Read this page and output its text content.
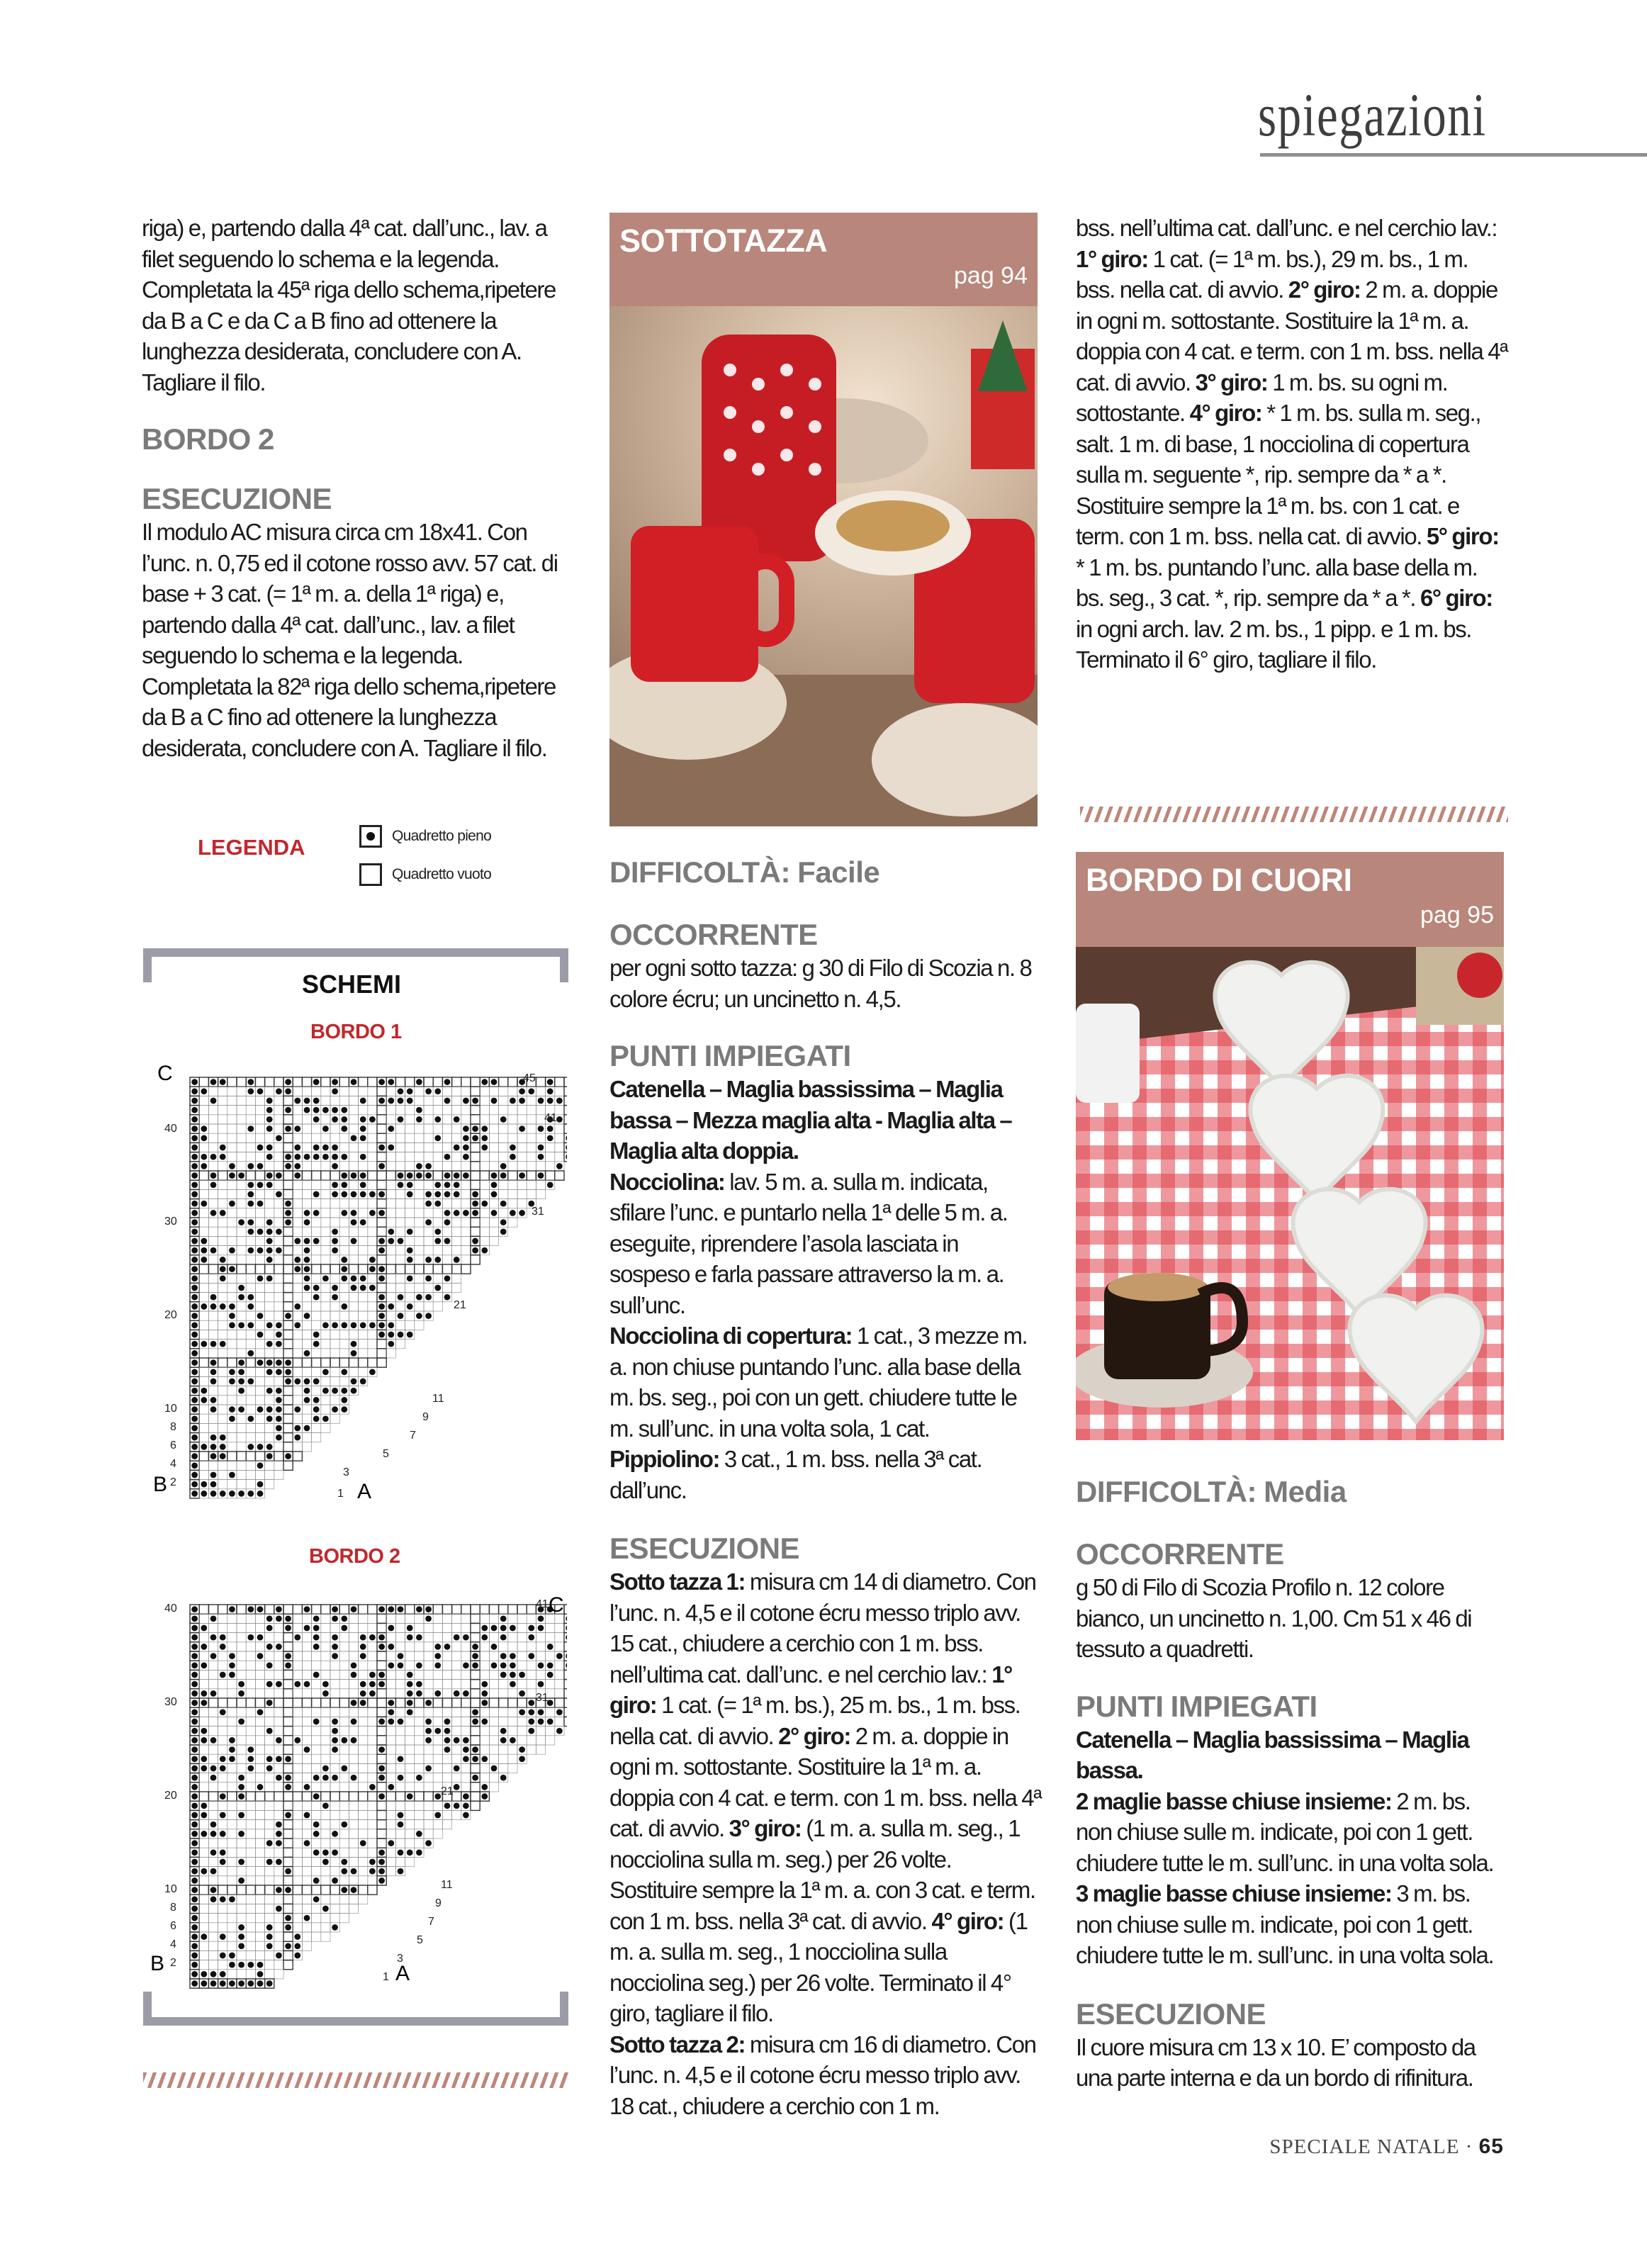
spiegazioni

riga) e, partendo dalla 4ª cat. dall’unc., lav. a filet seguendo lo schema e la legenda. Completata la 45ª riga dello schema,ripetere da B a C e da C a B fino ad ottenere la lunghezza desiderata, concludere con A. Tagliare il filo.

BORDO 2
ESECUZIONE

Il modulo AC misura circa cm 18x41. Con l’unc. n. 0,75 ed il cotone rosso avv. 57 cat. di base + 3 cat. (= 1ª m. a. della 1ª riga) e, partendo dalla 4ª cat. dall’unc., lav. a filet seguendo lo schema e la legenda. Completata la 82ª riga dello schema,ripetere da B a C fino ad ottenere la lunghezza desiderata, concludere con A. Tagliare il filo.

LEGENDA	Quadretto pieno
Quadretto vuoto
SCHEMI
BORDO 1
C
B	A
40
30
20
10
8
6
4
2
45
41
31
21
11
9
7
5
3
1
BORDO 2
C
B	A
40
30
20
10
8
6
4
2
41
31
21
11
9
7
5
3
1
SOTTOTAZZA
pag 94
DIFFICOLTÀ: Facile
OCCORRENTE

per ogni sotto tazza: g 30 di Filo di Scozia n. 8 colore écru; un uncinetto n. 4,5.

PUNTI IMPIEGATI

Catenella – Maglia bassissima – Maglia bassa – Mezza maglia alta - Maglia alta – Maglia alta doppia.

Nocciolina: lav. 5 m. a. sulla m. indicata, sfilare l’unc. e puntarlo nella 1ª delle 5 m. a. eseguite, riprendere l’asola lasciata in sospeso e farla passare attraverso la m. a. sull’unc.

Nocciolina di copertura: 1 cat., 3 mezze m. a. non chiuse puntando l’unc. alla base della m. bs. seg., poi con un gett. chiudere tutte le m. sull’unc. in una volta sola, 1 cat.

Pippiolino: 3 cat., 1 m. bss. nella 3ª cat. dall’unc.

ESECUZIONE

Sotto tazza 1: misura cm 14 di diametro. Con l’unc. n. 4,5 e il cotone écru messo triplo avv. 15 cat., chiudere a cerchio con 1 m. bss. nell’ultima cat. dall’unc. e nel cerchio lav.: 1° giro: 1 cat. (= 1ª m. bs.), 25 m. bs., 1 m. bss. nella cat. di avvio. 2° giro: 2 m. a. doppie in ogni m. sottostante. Sostituire la 1ª m. a. doppia con 4 cat. e term. con 1 m. bss. nella 4ª cat. di avvio. 3° giro: (1 m. a. sulla m. seg., 1 nocciolina sulla m. seg.) per 26 volte. Sostituire sempre la 1ª m. a. con 3 cat. e term. con 1 m. bss. nella 3ª cat. di avvio. 4° giro: (1 m. a. sulla m. seg., 1 nocciolina sulla nocciolina seg.) per 26 volte. Terminato il 4° giro, tagliare il filo.

Sotto tazza 2: misura cm 16 di diametro. Con l’unc. n. 4,5 e il cotone écru messo triplo avv. 18 cat., chiudere a cerchio con 1 m.

bss. nell’ultima cat. dall’unc. e nel cerchio lav.: 1° giro: 1 cat. (= 1ª m. bs.), 29 m. bs., 1 m. bss. nella cat. di avvio. 2° giro: 2 m. a. doppie in ogni m. sottostante. Sostituire la 1ª m. a. doppia con 4 cat. e term. con 1 m. bss. nella 4ª cat. di avvio. 3° giro: 1 m. bs. su ogni m. sottostante. 4° giro: * 1 m. bs. sulla m. seg., salt. 1 m. di base, 1 nocciolina di copertura sulla m. seguente *, rip. sempre da * a *. Sostituire sempre la 1ª m. bs. con 1 cat. e term. con 1 m. bss. nella cat. di avvio. 5° giro: * 1 m. bs. puntando l’unc. alla base della m. bs. seg., 3 cat. *, rip. sempre da * a *. 6° giro: in ogni arch. lav. 2 m. bs., 1 pipp. e 1 m. bs. Terminato il 6° giro, tagliare il filo.

BORDO DI CUORI
pag 95
DIFFICOLTÀ: Media
OCCORRENTE

g 50 di Filo di Scozia Profilo n. 12 colore bianco, un uncinetto n. 1,00. Cm 51 x 46 di tessuto a quadretti.

PUNTI IMPIEGATI

Catenella – Maglia bassissima – Maglia bassa.

2 maglie basse chiuse insieme: 2 m. bs. non chiuse sulle m. indicate, poi con 1 gett. chiudere tutte le m. sull’unc. in una volta sola.

3 maglie basse chiuse insieme: 3 m. bs. non chiuse sulle m. indicate, poi con 1 gett. chiudere tutte le m. sull’unc. in una volta sola.

ESECUZIONE

Il cuore misura cm 13 x 10. E’ composto da una parte interna e da un bordo di rifinitura.

SPECIALE NATALE · 65
